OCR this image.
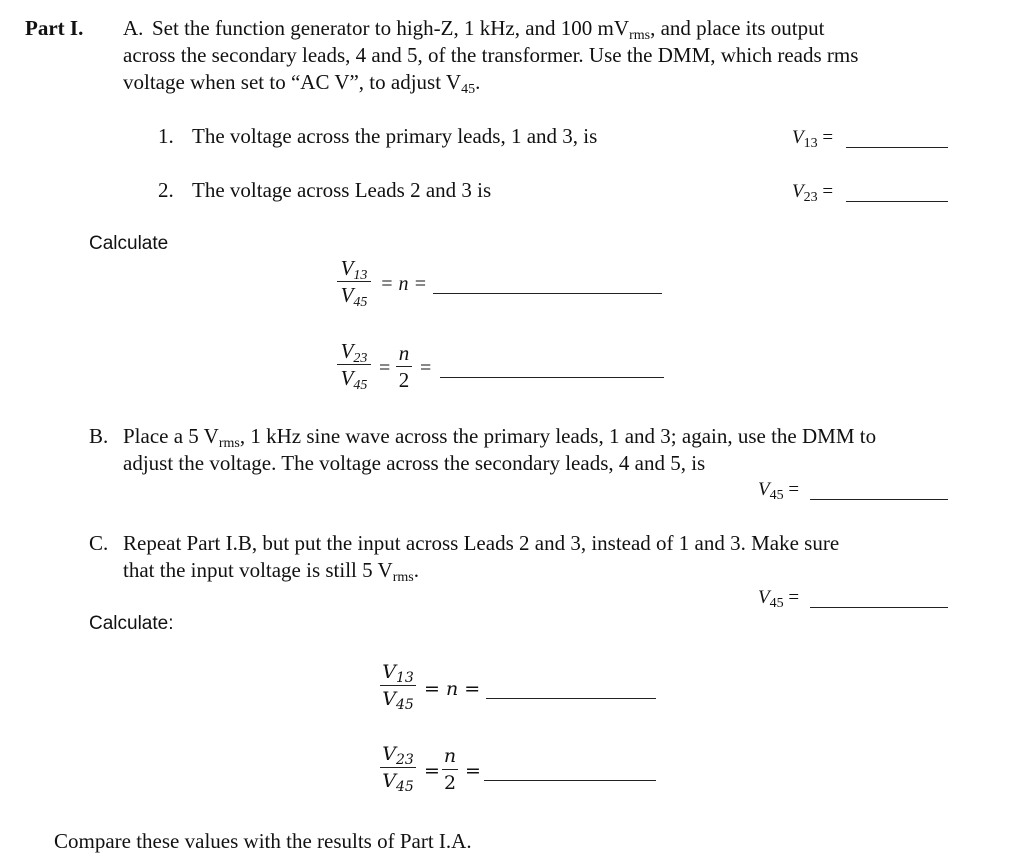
Part I. A. Set the function generator to high-Z, 1 kHz, and 100 $mV_{rms}$, and place its output
across the secondary leads, 4 and 5, of the transformer. Use the DMM, which reads rms
voltage when set to “AC V”, to adjust $V_{45}$.
1. The voltage across the primary leads, 1 and 3, is	$V_{13}$ =
2. The voltage across Leads 2 and 3 is	$V_{23}$ =
Calculate
$V_{13}$
$V_{45}$
= n =
$V_{23}$
$V_{45}$
=
n
2 =
B. Place a 5 $V_{rms}$, 1 kHz sine wave across the primary leads, 1 and 3; again, use the DMM to
adjust the voltage. The voltage across the secondary leads, 4 and 5, is
$V_{45}$ =
C. Repeat Part I.B, but put the input across Leads 2 and 3, instead of 1 and 3. Make sure
that the input voltage is still 5 $V_{rms}$.
$V_{45}$ =
Calculate:
$V_{13}$
$V_{45}$
= n =
$V_{23}$
$V_{45}$
=
n
2
=
Compare these values with the results of Part I.A.
